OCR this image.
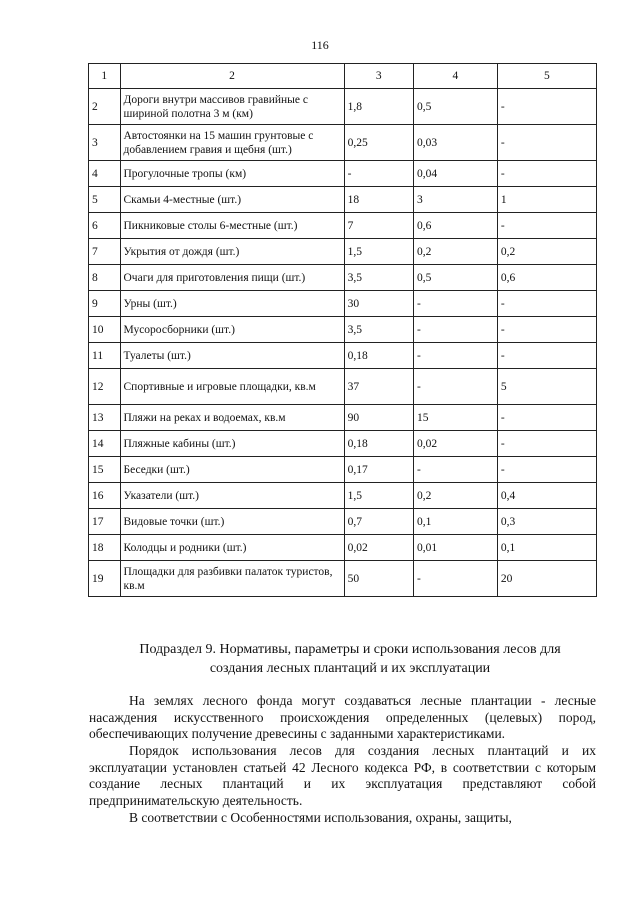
116
1	2	3	4	5
2	Дороги внутри массивов гравийные с шириной полотна 3 м (км)	1,8	0,5	-
3	Автостоянки на 15 машин грунтовые с добавлением гравия и щебня (шт.)	0,25	0,03	-
4	Прогулочные тропы (км)	-	0,04	-
5	Скамьи 4-местные (шт.)	18	3	1
6	Пикниковые столы 6-местные (шт.)	7	0,6	-
7	Укрытия от дождя (шт.)	1,5	0,2	0,2
8	Очаги для приготовления пищи (шт.)	3,5	0,5	0,6
9	Урны (шт.)	30	-	-
10	Мусоросборники (шт.)	3,5	-	-
11	Туалеты (шт.)	0,18	-	-
12	Спортивные и игровые площадки, кв.м	37	-	5
13	Пляжи на реках и водоемах, кв.м	90	15	-
14	Пляжные кабины (шт.)	0,18	0,02	-
15	Беседки (шт.)	0,17	-	-
16	Указатели (шт.)	1,5	0,2	0,4
17	Видовые точки (шт.)	0,7	0,1	0,3
18	Колодцы и родники (шт.)	0,02	0,01	0,1
19	Площадки для разбивки палаток туристов, кв.м	50	-	20
Подраздел 9. Нормативы, параметры и сроки использования лесов для
создания лесных плантаций и их эксплуатации

На землях лесного фонда могут создаваться лесные плантации - лесные насаждения искусственного происхождения определенных (целевых) пород, обеспечивающих получение древесины с заданными характеристиками.

Порядок использования лесов для создания лесных плантаций и их эксплуатации установлен статьей 42 Лесного кодекса РФ, в соответствии с которым создание лесных плантаций и их эксплуатация представляют собой предпринимательскую деятельность.

В соответствии с Особенностями использования, охраны, защиты,
